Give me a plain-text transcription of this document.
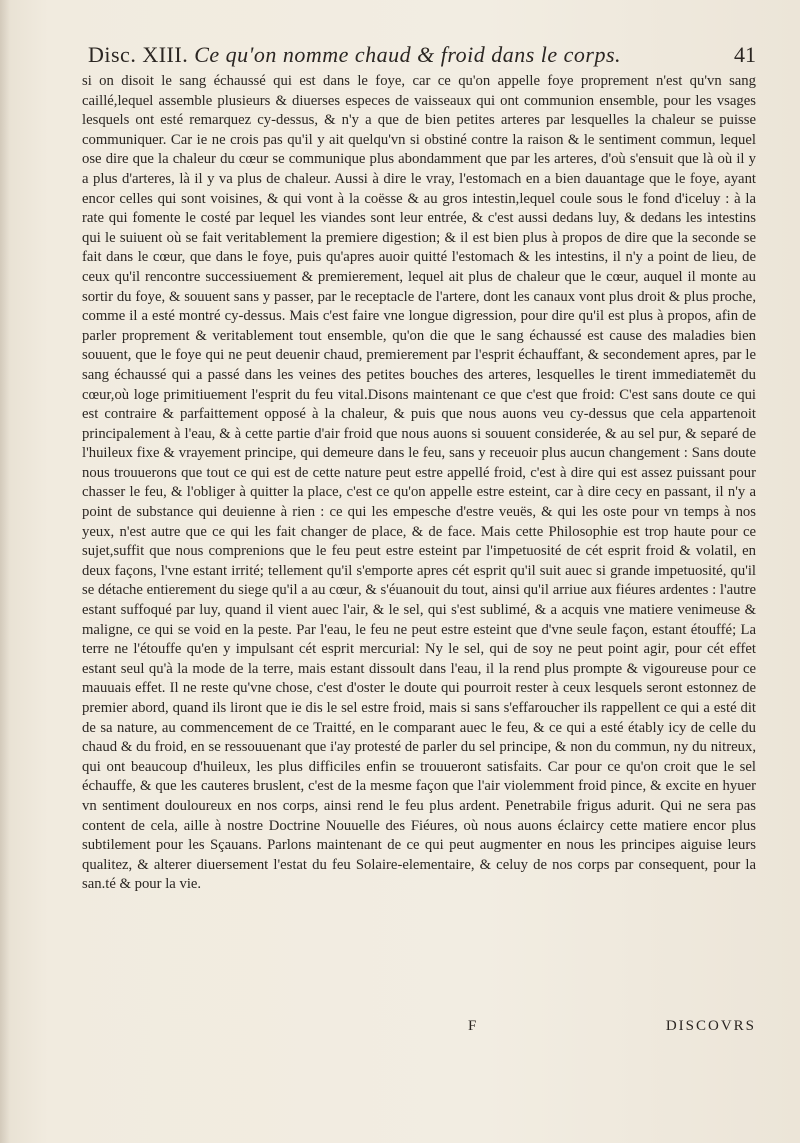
Disc. XIII. Ce qu'on nomme chaud & froid dans le corps.	41

si on disoit le sang échaussé qui est dans le foye, car ce qu'on appelle foye proprement n'est qu'vn sang caillé,lequel assemble plusieurs & diuerses especes de vaisseaux qui ont communion ensemble, pour les vsages lesquels ont esté remarquez cy-dessus, & n'y a que de bien petites arteres par lesquelles la chaleur se puisse communiquer. Car ie ne crois pas qu'il y ait quelqu'vn si obstiné contre la raison & le sentiment commun, lequel ose dire que la chaleur du cœur se communique plus abondamment que par les arteres, d'où s'ensuit que là où il y a plus d'arteres, là il y va plus de chaleur. Aussi à dire le vray, l'estomach en a bien dauantage que le foye, ayant encor celles qui sont voisines, & qui vont à la coësse & au gros intestin,lequel coule sous le fond d'iceluy : à la rate qui fomente le costé par lequel les viandes sont leur entrée, & c'est aussi dedans luy, & dedans les intestins qui le suiuent où se fait veritablement la premiere digestion; & il est bien plus à propos de dire que la seconde se fait dans le cœur, que dans le foye, puis qu'apres auoir quitté l'estomach & les intestins, il n'y a point de lieu, de ceux qu'il rencontre successiuement & premierement, lequel ait plus de chaleur que le cœur, auquel il monte au sortir du foye, & souuent sans y passer, par le receptacle de l'artere, dont les canaux vont plus droit & plus proche, comme il a esté montré cy-dessus. Mais c'est faire vne longue digression, pour dire qu'il est plus à propos, afin de parler proprement & veritablement tout ensemble, qu'on die que le sang échaussé est cause des maladies bien souuent, que le foye qui ne peut deuenir chaud, premierement par l'esprit échauffant, & secondement apres, par le sang échaussé qui a passé dans les veines des petites bouches des arteres, lesquelles le tirent immediatemēt du cœur,où loge primitiuement l'esprit du feu vital.Disons maintenant ce que c'est que froid: C'est sans doute ce qui est contraire & parfaittement opposé à la chaleur, & puis que nous auons veu cy-dessus que cela appartenoit principalement à l'eau, & à cette partie d'air froid que nous auons si souuent considerée, & au sel pur, & separé de l'huileux fixe & vrayement principe, qui demeure dans le feu, sans y receuoir plus aucun changement : Sans doute nous trouuerons que tout ce qui est de cette nature peut estre appellé froid, c'est à dire qui est assez puissant pour chasser le feu, & l'obliger à quitter la place, c'est ce qu'on appelle estre esteint, car à dire cecy en passant, il n'y a point de substance qui deuienne à rien : ce qui les empesche d'estre veuës, & qui les oste pour vn temps à nos yeux, n'est autre que ce qui les fait changer de place, & de face. Mais cette Philosophie est trop haute pour ce sujet,suffit que nous comprenions que le feu peut estre esteint par l'impetuosité de cét esprit froid & volatil, en deux façons, l'vne estant irrité; tellement qu'il s'emporte apres cét esprit qu'il suit auec si grande impetuosité, qu'il se détache entierement du siege qu'il a au cœur, & s'éuanouit du tout, ainsi qu'il arriue aux fiéures ardentes : l'autre estant suffoqué par luy, quand il vient auec l'air, & le sel, qui s'est sublimé, & a acquis vne matiere venimeuse & maligne, ce qui se void en la peste. Par l'eau, le feu ne peut estre esteint que d'vne seule façon, estant étouffé; La terre ne l'étouffe qu'en y impulsant cét esprit mercurial: Ny le sel, qui de soy ne peut point agir, pour cét effet estant seul qu'à la mode de la terre, mais estant dissoult dans l'eau, il la rend plus prompte & vigoureuse pour ce mauuais effet. Il ne reste qu'vne chose, c'est d'oster le doute qui pourroit rester à ceux lesquels seront estonnez de premier abord, quand ils liront que ie dis le sel estre froid, mais si sans s'effaroucher ils rappellent ce qui a esté dit de sa nature, au commencement de ce Traitté, en le comparant auec le feu, & ce qui a esté étably icy de celle du chaud & du froid, en se ressouuenant que i'ay protesté de parler du sel principe, & non du commun, ny du nitreux, qui ont beaucoup d'huileux, les plus difficiles enfin se trouueront satisfaits. Car pour ce qu'on croit que le sel échauffe, & que les cauteres bruslent, c'est de la mesme façon que l'air violemment froid pince, & excite en hyuer vn sentiment douloureux en nos corps, ainsi rend le feu plus ardent. Penetrabile frigus adurit. Qui ne sera pas content de cela, aille à nostre Doctrine Nouuelle des Fiéures, où nous auons éclaircy cette matiere encor plus subtilement pour les Sçauans. Parlons maintenant de ce qui peut augmenter en nous les principes aiguise leurs qualitez, & alterer diuersement l'estat du feu Solaire-elementaire, & celuy de nos corps par consequent, pour la san.té & pour la vie.

F	DISCOVRS
